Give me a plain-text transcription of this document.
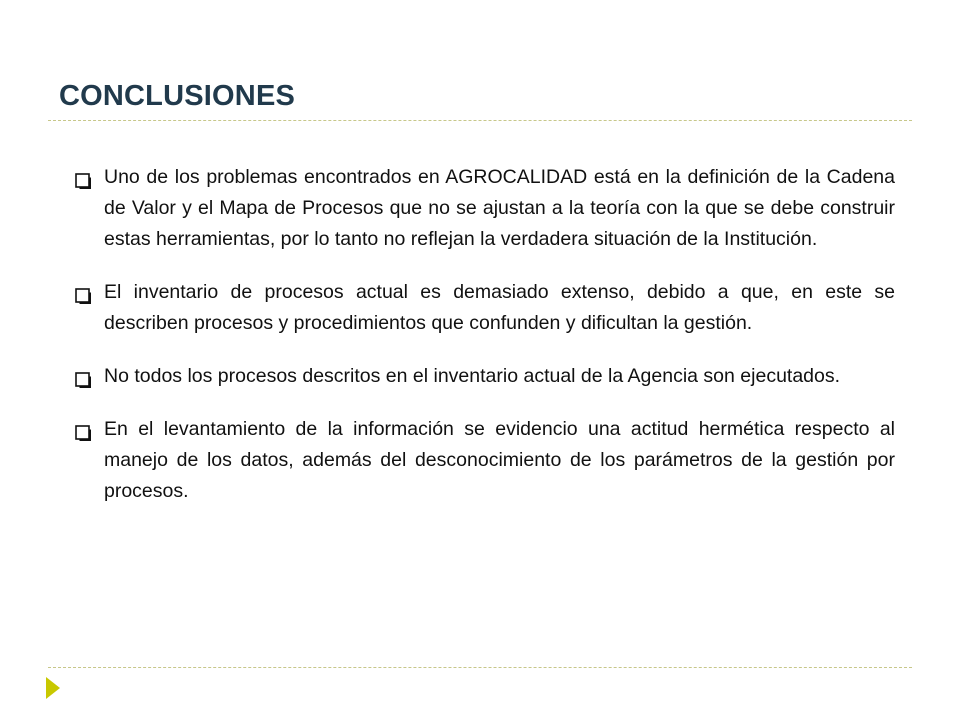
CONCLUSIONES
Uno de los problemas encontrados en AGROCALIDAD está en la definición de la Cadena de Valor y el Mapa de Procesos que no se ajustan a la teoría con la que se debe construir estas herramientas, por lo tanto no reflejan la verdadera situación de la Institución.
El inventario de procesos actual es demasiado extenso, debido a que, en este se describen procesos y procedimientos que confunden y dificultan la gestión.
No todos los procesos descritos en el inventario actual de la Agencia son ejecutados.
En el levantamiento de la información se evidencio una actitud hermética respecto al manejo de los datos, además del desconocimiento de los parámetros de la gestión por procesos.
